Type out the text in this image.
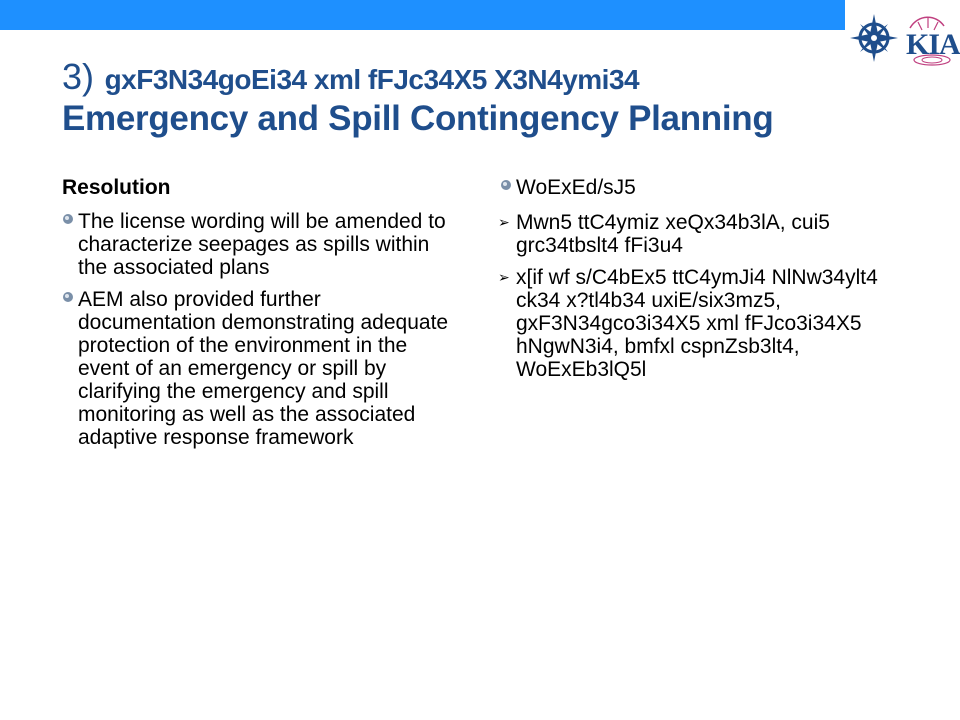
KIA
3) gxF3N34goEi34 xml fFJc34X5 X3N4ymi34
Emergency and Spill Contingency Planning
Resolution
The license wording will be amended to characterize seepages as spills within the associated plans
AEM also provided further documentation demonstrating adequate protection of the environment in the event of an emergency or spill by clarifying the emergency and spill monitoring as well as the associated adaptive response framework
WoExEd/sJ5
➢ Mwn5 ttC4ymiz xeQx34b3lA, cui5 grc34tbslt4 fFi3u4
➢ x[if wf s/C4bEx5 ttC4ymJi4 NlNw34ylt4 ck34 x?tl4b34 uxiE/six3mz5, gxF3N34gco3i34X5 xml fFJco3i34X5 hNgwN3i4, bmfxl cspnZsb3lt4, WoExEb3lQ5l
